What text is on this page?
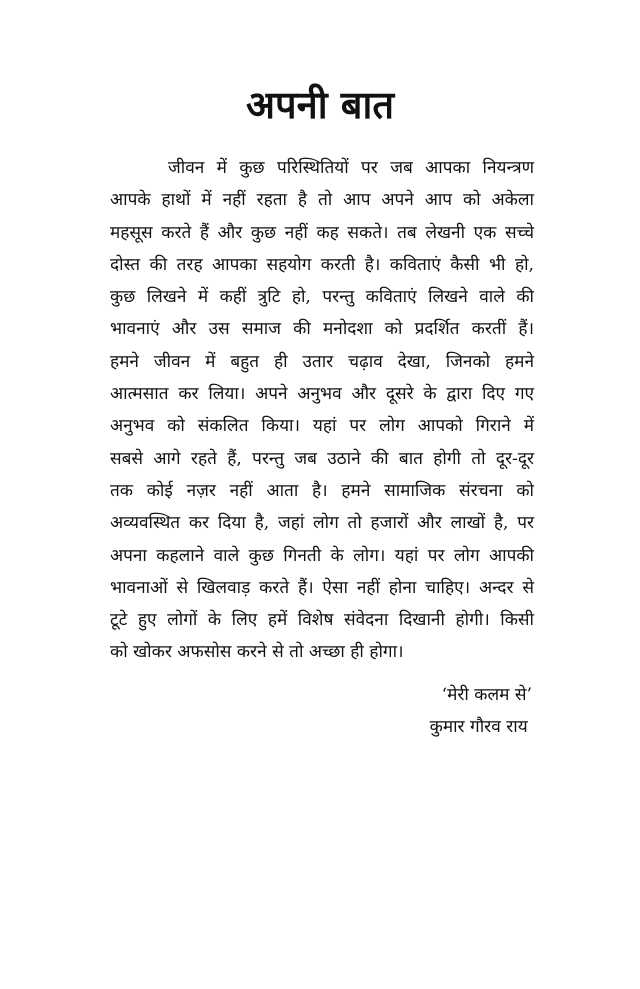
अपनी बात
जीवन में कुछ परिस्थितियों पर जब आपका नियन्त्रण
आपके हाथों में नहीं रहता है तो आप अपने आप को अकेला
महसूस करते हैं और कुछ नहीं कह सकते। तब लेखनी एक सच्चे
दोस्त की तरह आपका सहयोग करती है। कविताएं कैसी भी हो,
कुछ लिखने में कहीं त्रुटि हो, परन्तु कविताएं लिखने वाले की
भावनाएं और उस समाज की मनोदशा को प्रदर्शित करतीं हैं।
हमने जीवन में बहुत ही उतार चढ़ाव देखा, जिनको हमने
आत्मसात कर लिया। अपने अनुभव और दूसरे के द्वारा दिए गए
अनुभव को संकलित किया। यहां पर लोग आपको गिराने में
सबसे आगे रहते हैं, परन्तु जब उठाने की बात होगी तो दूर-दूर
तक कोई नज़र नहीं आता है। हमने सामाजिक संरचना को
अव्यवस्थित कर दिया है, जहां लोग तो हजारों और लाखों है, पर
अपना कहलाने वाले कुछ गिनती के लोग। यहां पर लोग आपकी
भावनाओं से खिलवाड़ करते हैं। ऐसा नहीं होना चाहिए। अन्दर से
टूटे हुए लोगों के लिए हमें विशेष संवेदना दिखानी होगी। किसी
को खोकर अफसोस करने से तो अच्छा ही होगा।
‘मेरी कलम से’
कुमार गौरव राय
